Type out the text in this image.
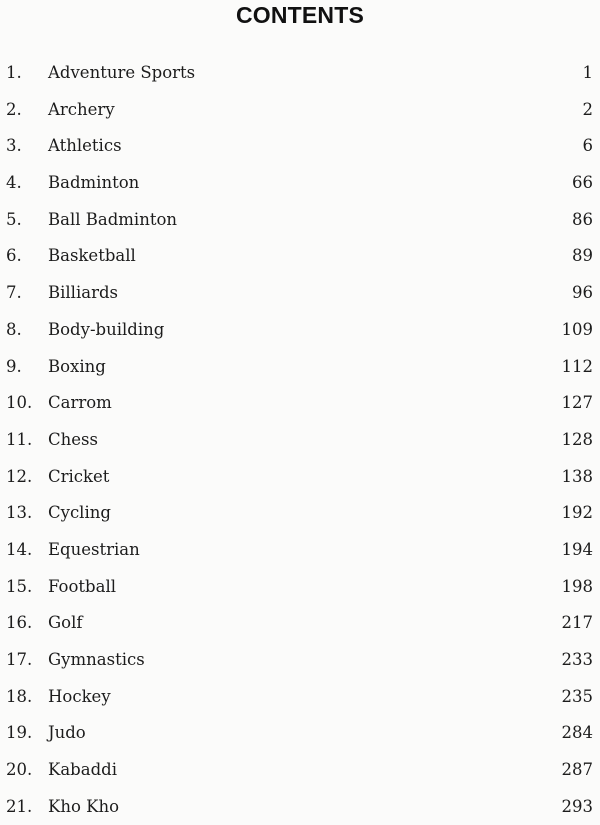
CONTENTS
1.	Adventure Sports	1
2.	Archery	2
3.	Athletics	6
4.	Badminton	66
5.	Ball Badminton	86
6.	Basketball	89
7.	Billiards	96
8.	Body-building	109
9.	Boxing	112
10. Carrom	127
11. Chess	128
12. Cricket	138
13. Cycling	192
14. Equestrian	194
15. Football	198
16. Golf	217
17. Gymnastics	233
18. Hockey	235
19. Judo	284
20. Kabaddi	287
21. Kho Kho	293
